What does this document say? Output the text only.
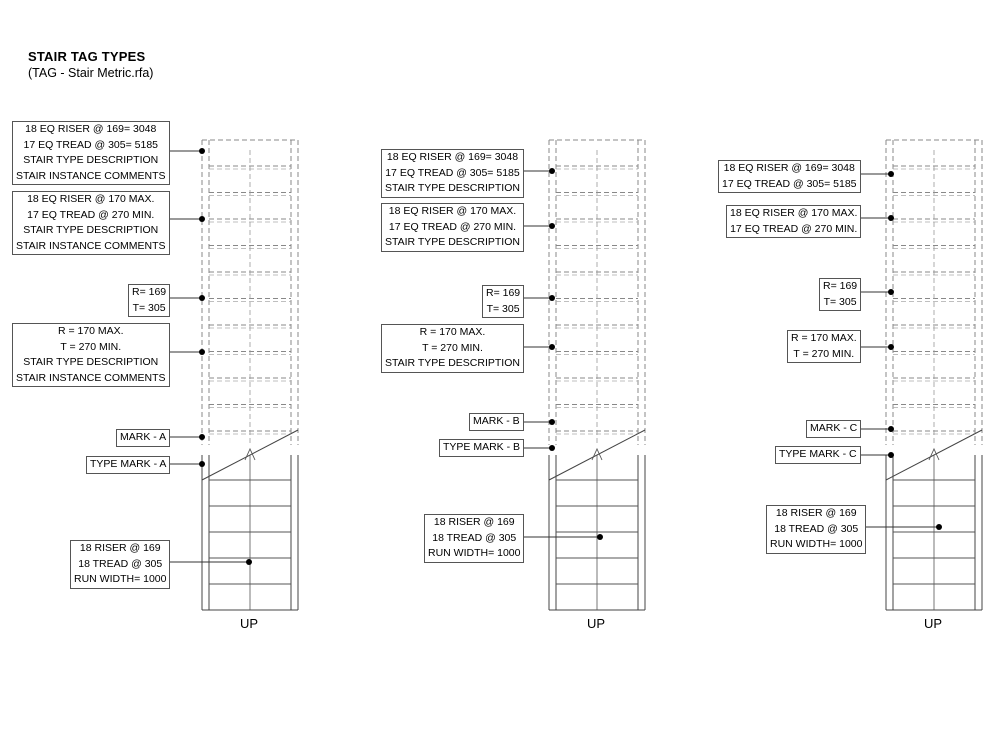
STAIR TAG TYPES
(TAG - Stair Metric.rfa)
UP
18 EQ RISER @ 169= 3048
17 EQ TREAD @ 305= 5185
STAIR TYPE DESCRIPTION
STAIR INSTANCE COMMENTS
18 EQ RISER @ 170 MAX.
17 EQ TREAD @ 270 MIN.
STAIR TYPE DESCRIPTION
STAIR INSTANCE COMMENTS
R= 169
T= 305
R = 170 MAX.
T = 270 MIN.
STAIR TYPE DESCRIPTION
STAIR INSTANCE COMMENTS
MARK - A
TYPE MARK - A
18 RISER @ 169
18 TREAD @ 305
RUN WIDTH= 1000
UP
18 EQ RISER @ 169= 3048
17 EQ TREAD @ 305= 5185
STAIR TYPE DESCRIPTION
18 EQ RISER @ 170 MAX.
17 EQ TREAD @ 270 MIN.
STAIR TYPE DESCRIPTION
R= 169
T= 305
R = 170 MAX.
T = 270 MIN.
STAIR TYPE DESCRIPTION
MARK - B
TYPE MARK - B
18 RISER @ 169
18 TREAD @ 305
RUN WIDTH= 1000
UP
18 EQ RISER @ 169= 3048
17 EQ TREAD @ 305= 5185
18 EQ RISER @ 170 MAX.
17 EQ TREAD @ 270 MIN.
R= 169
T= 305
R = 170 MAX.
T = 270 MIN.
MARK - C
TYPE MARK - C
18 RISER @ 169
18 TREAD @ 305
RUN WIDTH= 1000
